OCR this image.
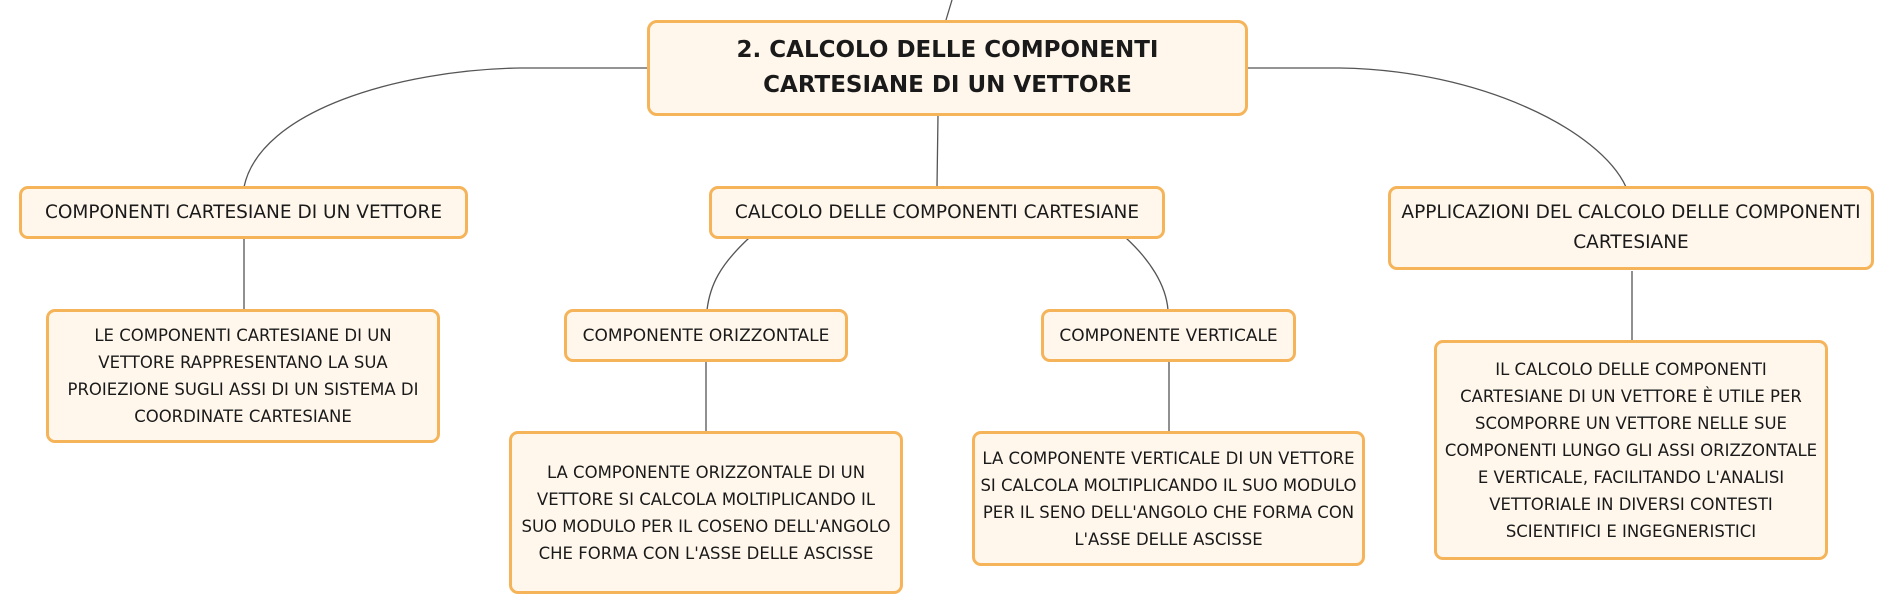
2. CALCOLO DELLE COMPONENTI CARTESIANE DI UN VETTORE
COMPONENTI CARTESIANE DI UN VETTORE	CALCOLO DELLE COMPONENTI CARTESIANE	APPLICAZIONI DEL CALCOLO DELLE COMPONENTI CARTESIANE
COMPONENTE ORIZZONTALE	COMPONENTE VERTICALE
LE COMPONENTI CARTESIANE DI UN VETTORE RAPPRESENTANO LA SUA PROIEZIONE SUGLI ASSI DI UN SISTEMA DI COORDINATE CARTESIANE
LA COMPONENTE ORIZZONTALE DI UN VETTORE SI CALCOLA MOLTIPLICANDO IL SUO MODULO PER IL COSENO DELL'ANGOLO CHE FORMA CON L'ASSE DELLE ASCISSE
LA COMPONENTE VERTICALE DI UN VETTORE SI CALCOLA MOLTIPLICANDO IL SUO MODULO PER IL SENO DELL'ANGOLO CHE FORMA CON L'ASSE DELLE ASCISSE
IL CALCOLO DELLE COMPONENTI CARTESIANE DI UN VETTORE È UTILE PER SCOMPORRE UN VETTORE NELLE SUE COMPONENTI LUNGO GLI ASSI ORIZZONTALE E VERTICALE, FACILITANDO L'ANALISI VETTORIALE IN DIVERSI CONTESTI SCIENTIFICI E INGEGNERISTICI
